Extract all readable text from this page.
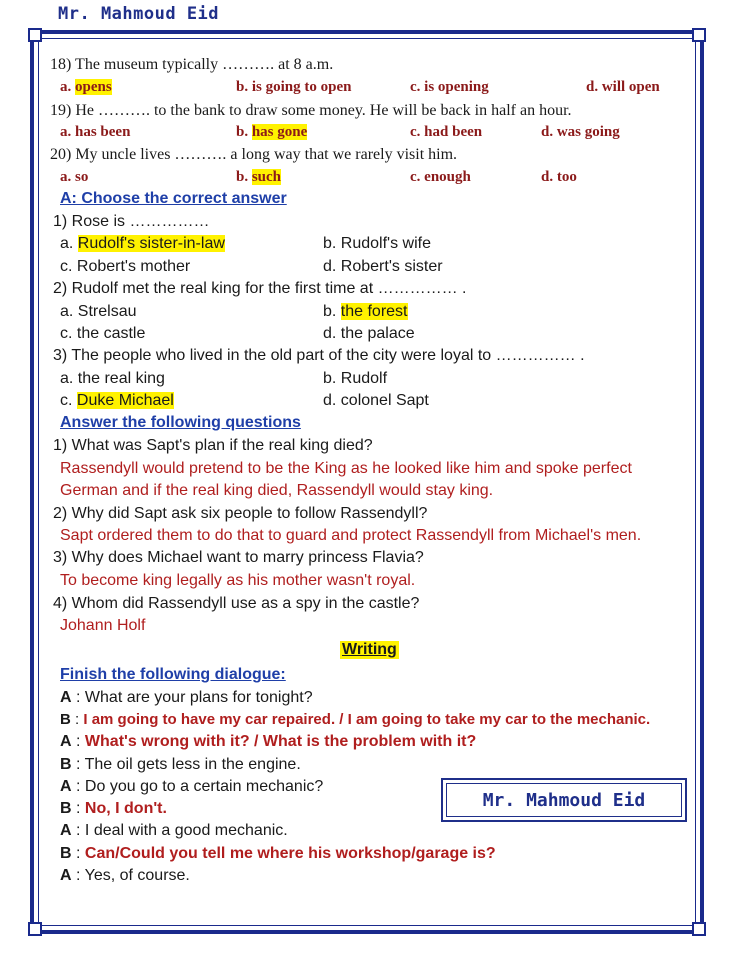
Mr. Mahmoud Eid
18) The museum typically ………. at 8 a.m.
a. opens	b. is going to open	c. is opening	d. will open
19) He ………. to the bank to draw some money. He will be back in half an hour.
a. has been	b. has gone	c. had been	d. was going
20) My uncle lives ………. a long way that we rarely visit him.
a. so	b. such	c. enough	d. too
A: Choose the correct answer
1) Rose is ……………
a. Rudolf's sister-in-law	b. Rudolf's wife
c. Robert's mother	d. Robert's sister
2) Rudolf met the real king for the first time at …………… .
a. Strelsau	b. the forest
c. the castle	d. the palace
3) The people who lived in the old part of the city were loyal to …………… .
a. the real king	b. Rudolf
c. Duke Michael	d. colonel Sapt
Answer the following questions
1) What was Sapt's plan if the real king died?
Rassendyll would pretend to be the King as he looked like him and spoke perfect
German and if the real king died, Rassendyll would stay king.
2) Why did Sapt ask six people to follow Rassendyll?
Sapt ordered them to do that to guard and protect Rassendyll from Michael's men.
3) Why does Michael want to marry princess Flavia?
To become king legally as his mother wasn't royal.
4) Whom did Rassendyll use as a spy in the castle?
Johann Holf
Writing
Finish the following dialogue:
A : What are your plans for tonight?
B : I am going to have my car repaired. / I am going to take my car to the mechanic.
A : What's wrong with it? / What is the problem with it?
B : The oil gets less in the engine.
A : Do you go to a certain mechanic?
B : No, I don't.
A : I deal with a good mechanic.
B : Can/Could you tell me where his workshop/garage is?
A : Yes, of course.
Mr. Mahmoud Eid
